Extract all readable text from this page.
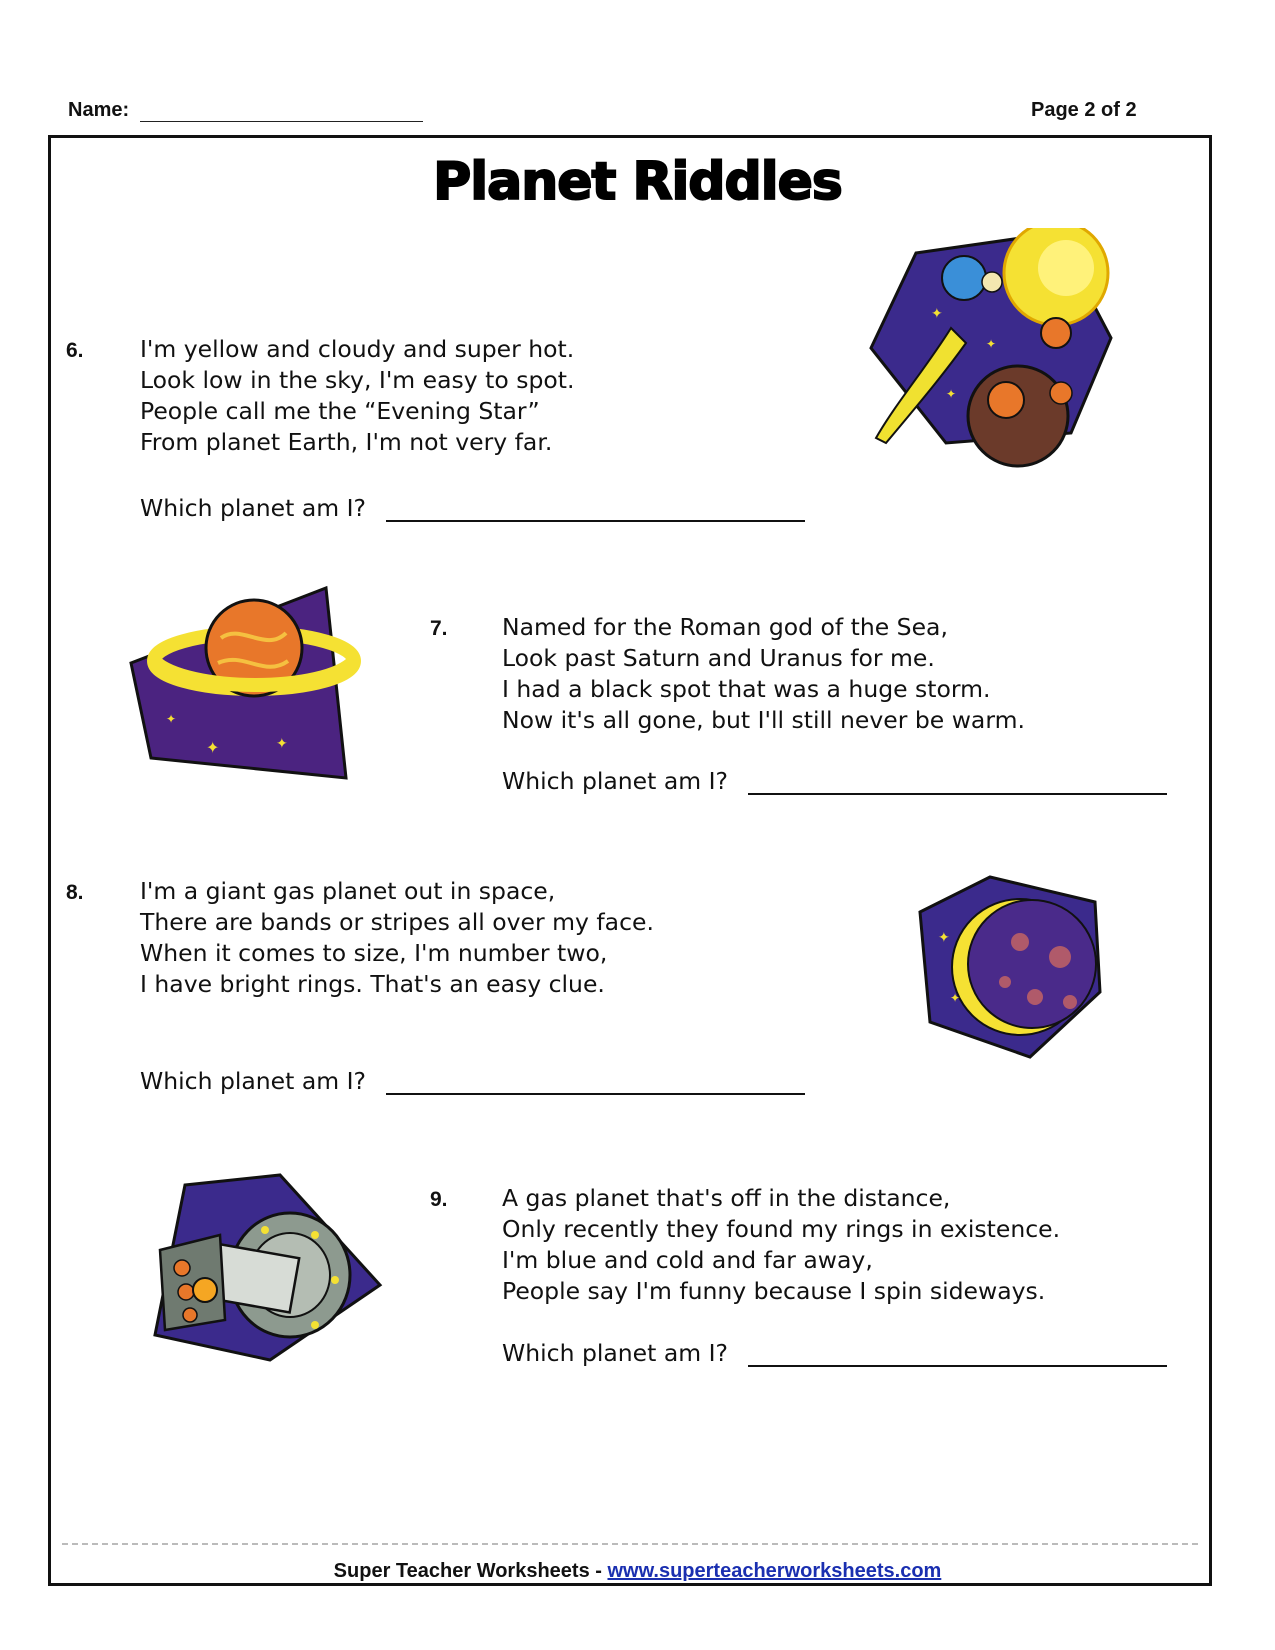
Name:	Page 2 of 2
Planet Riddles
6. I'm yellow and cloudy and super hot.
Look low in the sky, I'm easy to spot.
People call me the “Evening Star”
From planet Earth, I'm not very far.
Which planet am I?
7. Named for the Roman god of the Sea,
Look past Saturn and Uranus for me.
I had a black spot that was a huge storm.
Now it's all gone, but I'll still never be warm.
Which planet am I?
8. I'm a giant gas planet out in space,
There are bands or stripes all over my face.
When it comes to size, I'm number two,
I have bright rings. That's an easy clue.
Which planet am I?
9. A gas planet that's off in the distance,
Only recently they found my rings in existence.
I'm blue and cold and far away,
People say I'm funny because I spin sideways.
Which planet am I?
✦
✦
✦
✦	✦
✦
✦
✦
Super Teacher Worksheets - www.superteacherworksheets.com
